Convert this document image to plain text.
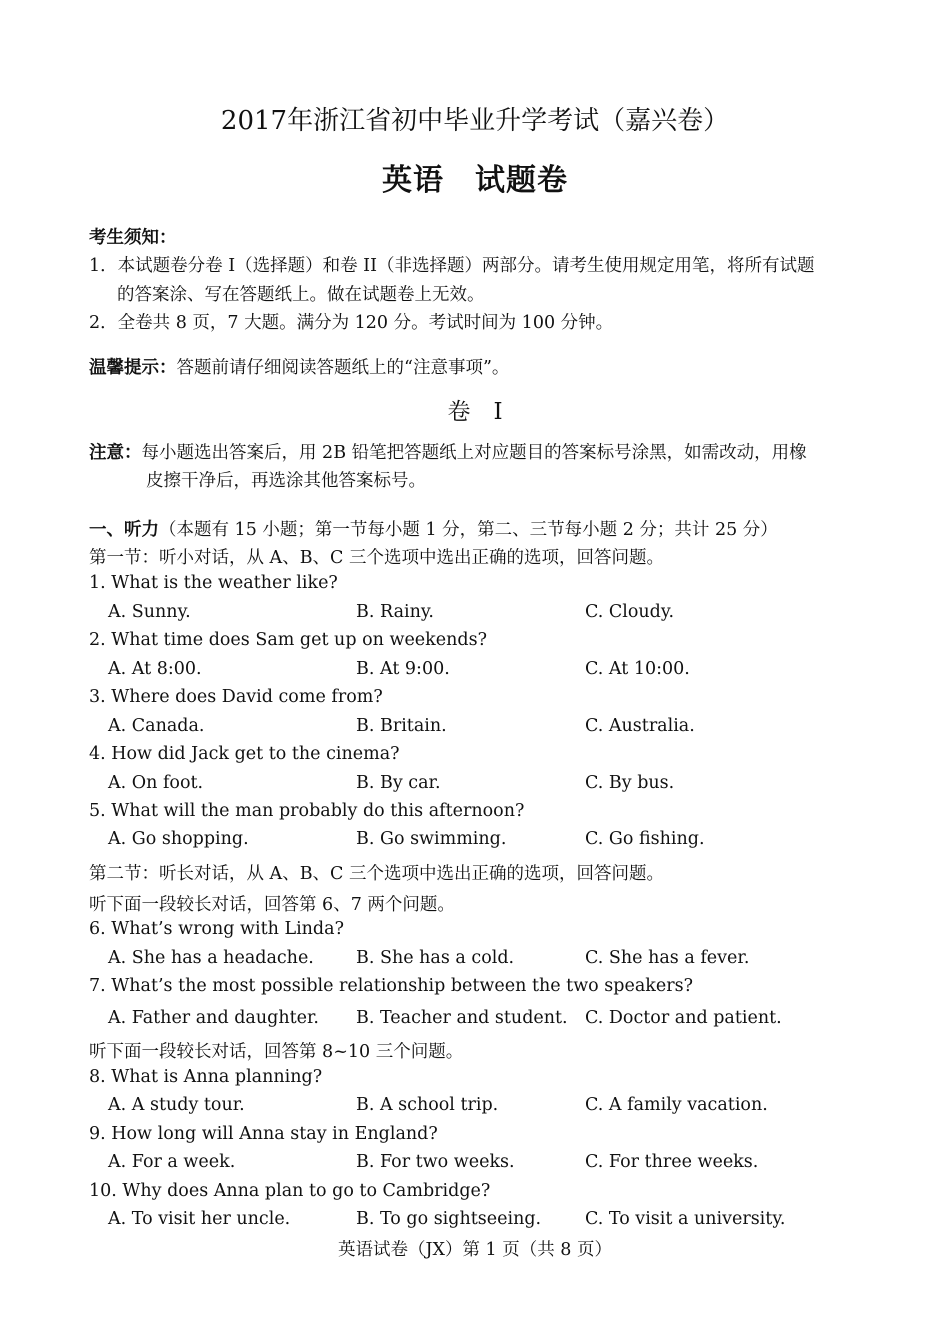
2017年浙江省初中毕业升学考试（嘉兴卷）
英语　试题卷
考生须知：
1．本试题卷分卷 I（选择题）和卷 II（非选择题）两部分。请考生使用规定用笔，将所有试题
的答案涂、写在答题纸上。做在试题卷上无效。
2．全卷共 8 页，7 大题。满分为 120 分。考试时间为 100 分钟。
温馨提示：答题前请仔细阅读答题纸上的“注意事项”。
卷　I
注意：每小题选出答案后，用 2B 铅笔把答题纸上对应题目的答案标号涂黑，如需改动，用橡
皮擦干净后，再选涂其他答案标号。
一、听力（本题有 15 小题；第一节每小题 1 分，第二、三节每小题 2 分；共计 25 分）
第一节：听小对话，从 A、B、C 三个选项中选出正确的选项，回答问题。
1. What is the weather like?
A. Sunny.	B. Rainy.	C. Cloudy.
2. What time does Sam get up on weekends?
A. At 8:00.	B. At 9:00.	C. At 10:00.
3. Where does David come from?
A. Canada.	B. Britain.	C. Australia.
4. How did Jack get to the cinema?
A. On foot.	B. By car.	C. By bus.
5. What will the man probably do this afternoon?
A. Go shopping.	B. Go swimming.	C. Go fishing.
第二节：听长对话，从 A、B、C 三个选项中选出正确的选项，回答问题。
听下面一段较长对话，回答第 6、7 两个问题。
6. What’s wrong with Linda?
A. She has a headache. B. She has a cold.	C. She has a fever.
7. What’s the most possible relationship between the two speakers?
A. Father and daughter. B. Teacher and student. C. Doctor and patient.
听下面一段较长对话，回答第 8~10 三个问题。
8. What is Anna planning?
A. A study tour.	B. A school trip.	C. A family vacation.
9. How long will Anna stay in England?
A. For a week.	B. For two weeks.	C. For three weeks.
10. Why does Anna plan to go to Cambridge?
A. To visit her uncle.	B. To go sightseeing.	C. To visit a university.
英语试卷（JX）第 1 页（共 8 页）
